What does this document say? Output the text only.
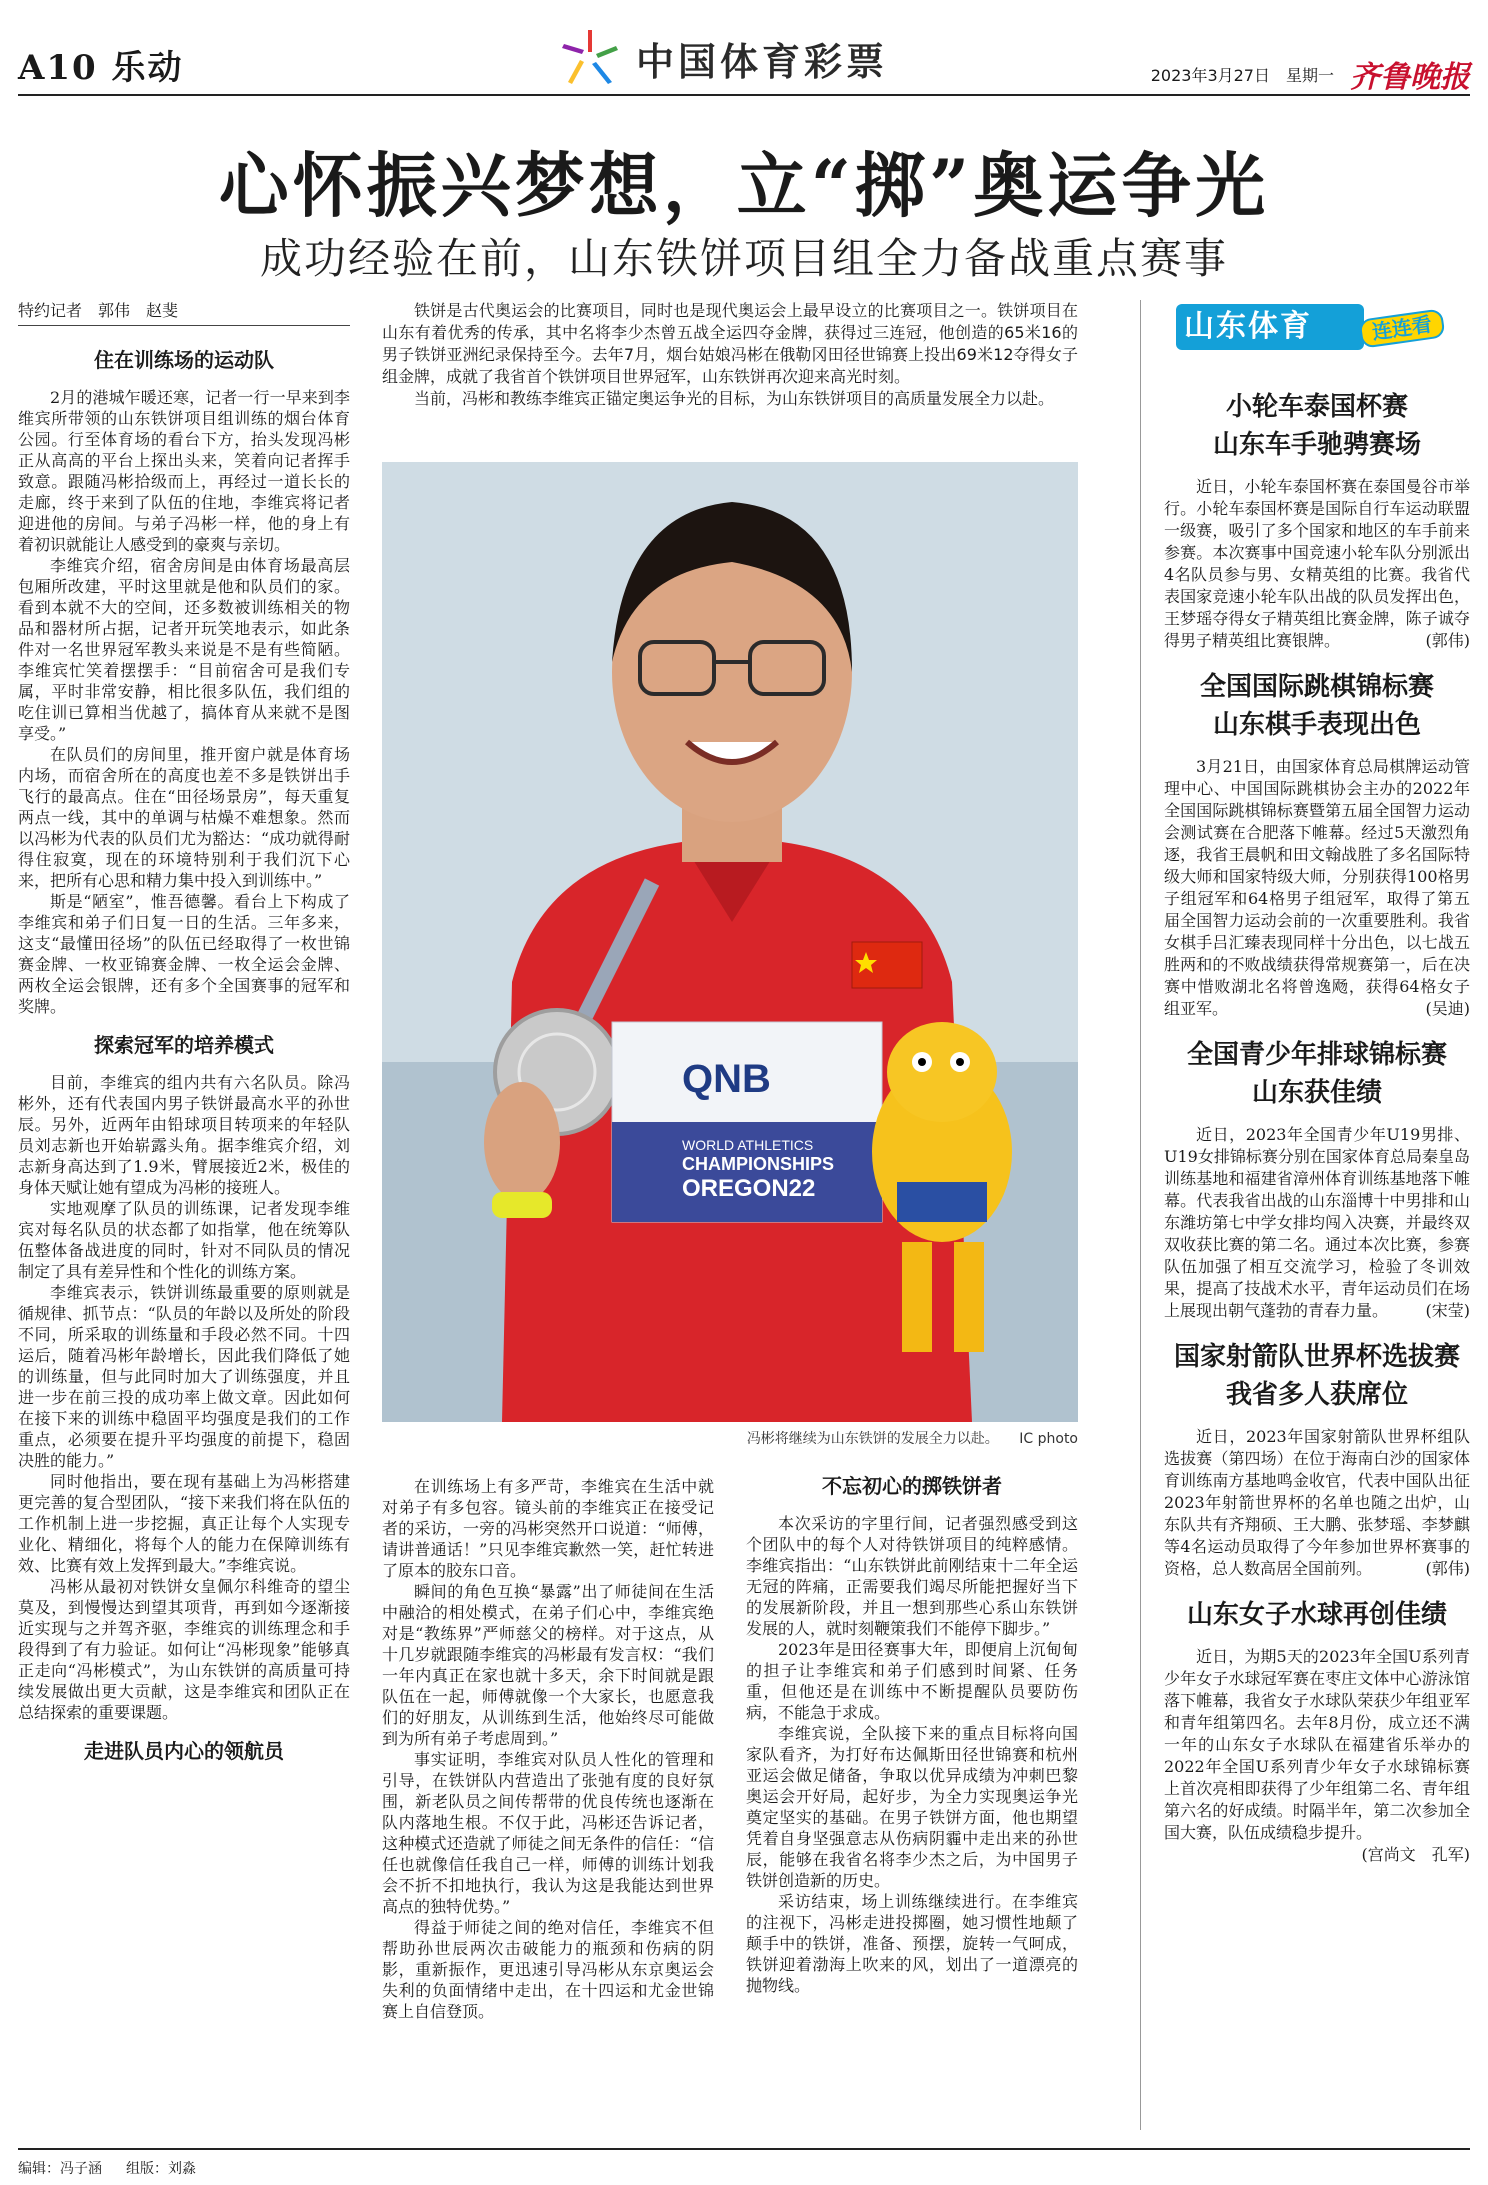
A10 乐动	中国体育彩票	2023年3月27日 星期一 齐鲁晚报
心怀振兴梦想，立“掷”奥运争光
成功经验在前，山东铁饼项目组全力备战重点赛事
特约记者　郭伟　赵斐
住在训练场的运动队

2月的港城乍暖还寒，记者一行一早来到李维宾所带领的山东铁饼项目组训练的烟台体育公园。行至体育场的看台下方，抬头发现冯彬正从高高的平台上探出头来，笑着向记者挥手致意。跟随冯彬拾级而上，再经过一道长长的走廊，终于来到了队伍的住地，李维宾将记者迎进他的房间。与弟子冯彬一样，他的身上有着初识就能让人感受到的豪爽与亲切。

李维宾介绍，宿舍房间是由体育场最高层包厢所改建，平时这里就是他和队员们的家。看到本就不大的空间，还多数被训练相关的物品和器材所占据，记者开玩笑地表示，如此条件对一名世界冠军教头来说是不是有些简陋。李维宾忙笑着摆摆手：“目前宿舍可是我们专属，平时非常安静，相比很多队伍，我们组的吃住训已算相当优越了，搞体育从来就不是图享受。”

在队员们的房间里，推开窗户就是体育场内场，而宿舍所在的高度也差不多是铁饼出手飞行的最高点。住在“田径场景房”，每天重复两点一线，其中的单调与枯燥不难想象。然而以冯彬为代表的队员们尤为豁达：“成功就得耐得住寂寞，现在的环境特别利于我们沉下心来，把所有心思和精力集中投入到训练中。”

斯是“陋室”，惟吾德馨。看台上下构成了李维宾和弟子们日复一日的生活。三年多来，这支“最懂田径场”的队伍已经取得了一枚世锦赛金牌、一枚亚锦赛金牌、一枚全运会金牌、两枚全运会银牌，还有多个全国赛事的冠军和奖牌。

探索冠军的培养模式

目前，李维宾的组内共有六名队员。除冯彬外，还有代表国内男子铁饼最高水平的孙世辰。另外，近两年由铅球项目转项来的年轻队员刘志新也开始崭露头角。据李维宾介绍，刘志新身高达到了1.9米，臂展接近2米，极佳的身体天赋让她有望成为冯彬的接班人。

实地观摩了队员的训练课，记者发现李维宾对每名队员的状态都了如指掌，他在统筹队伍整体备战进度的同时，针对不同队员的情况制定了具有差异性和个性化的训练方案。

李维宾表示，铁饼训练最重要的原则就是循规律、抓节点：“队员的年龄以及所处的阶段不同，所采取的训练量和手段必然不同。十四运后，随着冯彬年龄增长，因此我们降低了她的训练量，但与此同时加大了训练强度，并且进一步在前三投的成功率上做文章。因此如何在接下来的训练中稳固平均强度是我们的工作重点，必须要在提升平均强度的前提下，稳固决胜的能力。”

同时他指出，要在现有基础上为冯彬搭建更完善的复合型团队，“接下来我们将在队伍的工作机制上进一步挖掘，真正让每个人实现专业化、精细化，将每个人的能力在保障训练有效、比赛有效上发挥到最大。”李维宾说。

冯彬从最初对铁饼女皇佩尔科维奇的望尘莫及，到慢慢达到望其项背，再到如今逐渐接近实现与之并驾齐驱，李维宾的训练理念和手段得到了有力验证。如何让“冯彬现象”能够真正走向“冯彬模式”，为山东铁饼的高质量可持续发展做出更大贡献，这是李维宾和团队正在总结探索的重要课题。

走进队员内心的领航员

铁饼是古代奥运会的比赛项目，同时也是现代奥运会上最早设立的比赛项目之一。铁饼项目在山东有着优秀的传承，其中名将李少杰曾五战全运四夺金牌，获得过三连冠，他创造的65米16的男子铁饼亚洲纪录保持至今。去年7月，烟台姑娘冯彬在俄勒冈田径世锦赛上投出69米12夺得女子组金牌，成就了我省首个铁饼项目世界冠军，山东铁饼再次迎来高光时刻。

当前，冯彬和教练李维宾正锚定奥运争光的目标，为山东铁饼项目的高质量发展全力以赴。

QNB
WORLD ATHLETICS
CHAMPIONSHIPS
OREGON22
冯彬将继续为山东铁饼的发展全力以赴。 IC photo

在训练场上有多严苛，李维宾在生活中就对弟子有多包容。镜头前的李维宾正在接受记者的采访，一旁的冯彬突然开口说道：“师傅，请讲普通话！”只见李维宾歉然一笑，赶忙转进了原本的胶东口音。

瞬间的角色互换“暴露”出了师徒间在生活中融洽的相处模式，在弟子们心中，李维宾绝对是“教练界”严师慈父的榜样。对于这点，从十几岁就跟随李维宾的冯彬最有发言权：“我们一年内真正在家也就十多天，余下时间就是跟队伍在一起，师傅就像一个大家长，也愿意我们的好朋友，从训练到生活，他始终尽可能做到为所有弟子考虑周到。”

事实证明，李维宾对队员人性化的管理和引导，在铁饼队内营造出了张弛有度的良好氛围，新老队员之间传帮带的优良传统也逐渐在队内落地生根。不仅于此，冯彬还告诉记者，这种模式还造就了师徒之间无条件的信任：“信任也就像信任我自己一样，师傅的训练计划我会不折不扣地执行，我认为这是我能达到世界高点的独特优势。”

得益于师徒之间的绝对信任，李维宾不但帮助孙世辰两次击破能力的瓶颈和伤病的阴影，重新振作，更迅速引导冯彬从东京奥运会失利的负面情绪中走出，在十四运和尤金世锦赛上自信登顶。

不忘初心的掷铁饼者

本次采访的字里行间，记者强烈感受到这个团队中的每个人对待铁饼项目的纯粹感情。李维宾指出：“山东铁饼此前刚结束十二年全运无冠的阵痛，正需要我们竭尽所能把握好当下的发展新阶段，并且一想到那些心系山东铁饼发展的人，就时刻鞭策我们不能停下脚步。”

2023年是田径赛事大年，即便肩上沉甸甸的担子让李维宾和弟子们感到时间紧、任务重，但他还是在训练中不断提醒队员要防伤病，不能急于求成。

李维宾说，全队接下来的重点目标将向国家队看齐，为打好布达佩斯田径世锦赛和杭州亚运会做足储备，争取以优异成绩为冲刺巴黎奥运会开好局，起好步，为全力实现奥运争光奠定坚实的基础。在男子铁饼方面，他也期望凭着自身坚强意志从伤病阴霾中走出来的孙世辰，能够在我省名将李少杰之后，为中国男子铁饼创造新的历史。

采访结束，场上训练继续进行。在李维宾的注视下，冯彬走进投掷圈，她习惯性地颠了颠手中的铁饼，准备、预摆，旋转一气呵成，铁饼迎着渤海上吹来的风，划出了一道漂亮的抛物线。

山东体育	连连看
小轮车泰国杯赛
山东车手驰骋赛场

近日，小轮车泰国杯赛在泰国曼谷市举行。小轮车泰国杯赛是国际自行车运动联盟一级赛，吸引了多个国家和地区的车手前来参赛。本次赛事中国竞速小轮车队分别派出4名队员参与男、女精英组的比赛。我省代表国家竞速小轮车队出战的队员发挥出色，王梦瑶夺得女子精英组比赛金牌，陈子诚夺得男子精英组比赛银牌。	(郭伟)

全国国际跳棋锦标赛
山东棋手表现出色

3月21日，由国家体育总局棋牌运动管理中心、中国国际跳棋协会主办的2022年全国国际跳棋锦标赛暨第五届全国智力运动会测试赛在合肥落下帷幕。经过5天激烈角逐，我省王晨帆和田文翰战胜了多名国际特级大师和国家特级大师，分别获得100格男子组冠军和64格男子组冠军，取得了第五届全国智力运动会前的一次重要胜利。我省女棋手吕汇臻表现同样十分出色，以七战五胜两和的不败战绩获得常规赛第一，后在决赛中惜败湖北名将曾逸飏，获得64格女子组亚军。	(吴迪)

全国青少年排球锦标赛
山东获佳绩

近日，2023年全国青少年U19男排、U19女排锦标赛分别在国家体育总局秦皇岛训练基地和福建省漳州体育训练基地落下帷幕。代表我省出战的山东淄博十中男排和山东潍坊第七中学女排均闯入决赛，并最终双双收获比赛的第二名。通过本次比赛，参赛队伍加强了相互交流学习，检验了冬训效果，提高了技战术水平，青年运动员们在场上展现出朝气蓬勃的青春力量。	(宋莹)

国家射箭队世界杯选拔赛
我省多人获席位

近日，2023年国家射箭队世界杯组队选拔赛（第四场）在位于海南白沙的国家体育训练南方基地鸣金收官，代表中国队出征2023年射箭世界杯的名单也随之出炉，山东队共有齐翔硕、王大鹏、张梦瑶、李梦麒等4名运动员取得了今年参加世界杯赛事的资格，总人数高居全国前列。	(郭伟)

山东女子水球再创佳绩

近日，为期5天的2023年全国U系列青少年女子水球冠军赛在枣庄文体中心游泳馆落下帷幕，我省女子水球队荣获少年组亚军和青年组第四名。去年8月份，成立还不满一年的山东女子水球队在福建省乐举办的2022年全国U系列青少年女子水球锦标赛上首次亮相即获得了少年组第二名、青年组第六名的好成绩。时隔半年，第二次参加全国大赛，队伍成绩稳步提升。
(宫尚文　孔军)

编辑：冯子涵 组版：刘淼
